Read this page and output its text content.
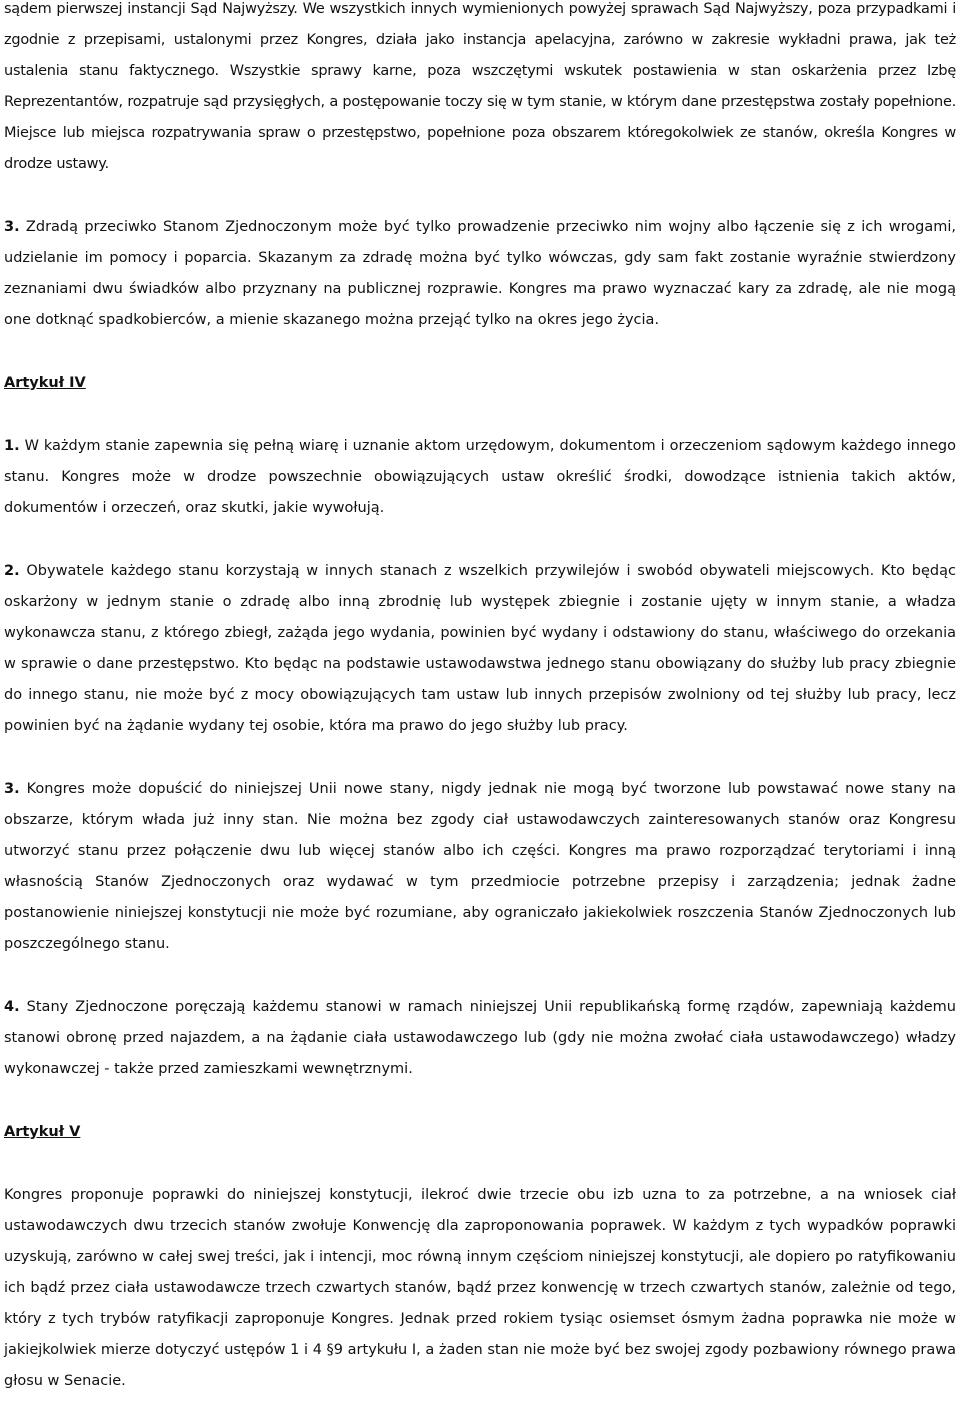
sądem pierwszej instancji Sąd Najwyższy. We wszystkich innych wymienionych powyżej sprawach Sąd Najwyższy, poza przypadkami i zgodnie z przepisami, ustalonymi przez Kongres, działa jako instancja apelacyjna, zarówno w zakresie wykładni prawa, jak też ustalenia stanu faktycznego. Wszystkie sprawy karne, poza wszczętymi wskutek postawienia w stan oskarżenia przez Izbę Reprezentantów, rozpatruje sąd przysięgłych, a postępowanie toczy się w tym stanie, w którym dane przestępstwa zostały popełnione. Miejsce lub miejsca rozpatrywania spraw o przestępstwo, popełnione poza obszarem któregokolwiek ze stanów, określa Kongres w drodze ustawy.

3. Zdradą przeciwko Stanom Zjednoczonym może być tylko prowadzenie przeciwko nim wojny albo łączenie się z ich wrogami, udzielanie im pomocy i poparcia. Skazanym za zdradę można być tylko wówczas, gdy sam fakt zostanie wyraźnie stwierdzony zeznaniami dwu świadków albo przyznany na publicznej rozprawie. Kongres ma prawo wyznaczać kary za zdradę, ale nie mogą one dotknąć spadkobierców, a mienie skazanego można przejąć tylko na okres jego życia.

Artykuł IV

1. W każdym stanie zapewnia się pełną wiarę i uznanie aktom urzędowym, dokumentom i orzeczeniom sądowym każdego innego stanu. Kongres może w drodze powszechnie obowiązujących ustaw określić środki, dowodzące istnienia takich aktów, dokumentów i orzeczeń, oraz skutki, jakie wywołują.

2. Obywatele każdego stanu korzystają w innych stanach z wszelkich przywilejów i swobód obywateli miejscowych. Kto będąc oskarżony w jednym stanie o zdradę albo inną zbrodnię lub występek zbiegnie i zostanie ujęty w innym stanie, a władza wykonawcza stanu, z którego zbiegł, zażąda jego wydania, powinien być wydany i odstawiony do stanu, właściwego do orzekania w sprawie o dane przestępstwo. Kto będąc na podstawie ustawodawstwa jednego stanu obowiązany do służby lub pracy zbiegnie do innego stanu, nie może być z mocy obowiązujących tam ustaw lub innych przepisów zwolniony od tej służby lub pracy, lecz powinien być na żądanie wydany tej osobie, która ma prawo do jego służby lub pracy.

3. Kongres może dopuścić do niniejszej Unii nowe stany, nigdy jednak nie mogą być tworzone lub powstawać nowe stany na obszarze, którym włada już inny stan. Nie można bez zgody ciał ustawodawczych zainteresowanych stanów oraz Kongresu utworzyć stanu przez połączenie dwu lub więcej stanów albo ich części. Kongres ma prawo rozporządzać terytoriami i inną własnością Stanów Zjednoczonych oraz wydawać w tym przedmiocie potrzebne przepisy i zarządzenia; jednak żadne postanowienie niniejszej konstytucji nie może być rozumiane, aby ograniczało jakiekolwiek roszczenia Stanów Zjednoczonych lub poszczególnego stanu.

4. Stany Zjednoczone poręczają każdemu stanowi w ramach niniejszej Unii republikańską formę rządów, zapewniają każdemu stanowi obronę przed najazdem, a na żądanie ciała ustawodawczego lub (gdy nie można zwołać ciała ustawodawczego) władzy wykonawczej - także przed zamieszkami wewnętrznymi.

Artykuł V

Kongres proponuje poprawki do niniejszej konstytucji, ilekroć dwie trzecie obu izb uzna to za potrzebne, a na wniosek ciał ustawodawczych dwu trzecich stanów zwołuje Konwencję dla zaproponowania poprawek. W każdym z tych wypadków poprawki uzyskują, zarówno w całej swej treści, jak i intencji, moc równą innym częściom niniejszej konstytucji, ale dopiero po ratyfikowaniu ich bądź przez ciała ustawodawcze trzech czwartych stanów, bądź przez konwencję w trzech czwartych stanów, zależnie od tego, który z tych trybów ratyfikacji zaproponuje Kongres. Jednak przed rokiem tysiąc osiemset ósmym żadna poprawka nie może w jakiejkolwiek mierze dotyczyć ustępów 1 i 4 §9 artykułu I, a żaden stan nie może być bez swojej zgody pozbawiony równego prawa głosu w Senacie.
